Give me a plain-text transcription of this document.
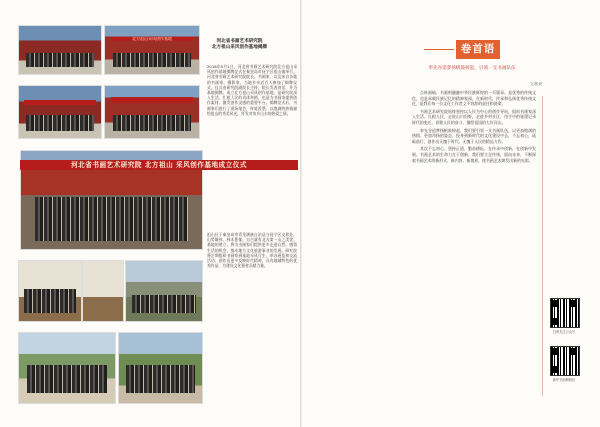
北方祖山采风创作基地
河北省书画艺术研究院
北方祖山采风创作基地揭牌
2018年5月1日，河北省书画艺术研究院北方祖山采风创作基地揭牌仪式在秦皇岛市抚宁区祖山镇举行。河北省书画艺术研究院院长、书画家，以及来自各地的书画家、摄影家、当地乡亲近百人参加了揭牌仪式。仪式由研究院副院长主持，院长发表讲话，并为基地揭牌。成立北方祖山采风创作基地，是研究院深入生活、扎根人民的具体举措，也是为书画家提供创作素材、激发创作灵感的重要平台。揭牌仪式后，书画家们进行了现场笔会，挥毫泼墨，以饱满的热情描绘祖山的秀美风光，抒发对家乡山水的热爱之情。
河北省书画艺术研究院 北方祖山 采风创作基地成立仪式
祖山位于秦皇岛市青龙满族自治县与抚宁区交界处，山势雄伟，林木葱郁，自古就有北方第一山之美誉。基地的建立，将为书画家们提供更多走进自然、感悟生活的机会，推动地方文化旅游事业的发展。研究院将定期组织书画家到基地采风写生，举办展览和交流活动，创作出更多反映时代精神、具有地域特色的优秀作品，为建设文化强省贡献力量。
卷首语
奉先谷追梦扬帆鼓棹起，引领一支书画队伍
文/张炎

点阵画轴，书画相融融中华民族辉煌的一页篇章。是优秀的传统文化，也是承载民族记忆的精神家园。在新时代，传承和弘扬优秀传统文化，是我们每一位文化工作者义不容辞的责任和使命。

书画艺术研究院始终坚持以人民为中心的创作导向，组织书画家深入生活、扎根人民，走进山川田野，走进乡村社区，用手中的笔墨记录时代的变迁，讴歌人民的奋斗，描绘祖国的大好河山。

奉先谷追梦扬帆鼓棹起，我们要引领一支书画队伍，以更加饱满的热情、更加昂扬的姿态，投身到新时代的文化建设中去，不忘初心，砥砺前行，创作出无愧于时代、无愧于人民的精品力作。

其次不忘初心，坚持正道，勤奋耕耘，在传承中创新，在创新中发展。书画艺术的生命力在于创新，我们要立足传统，面向未来，不断探索书画艺术的新形式、新内容、新境界，使书画艺术焕发出新的光彩。

扫码关注公众号
新华书画网微信
